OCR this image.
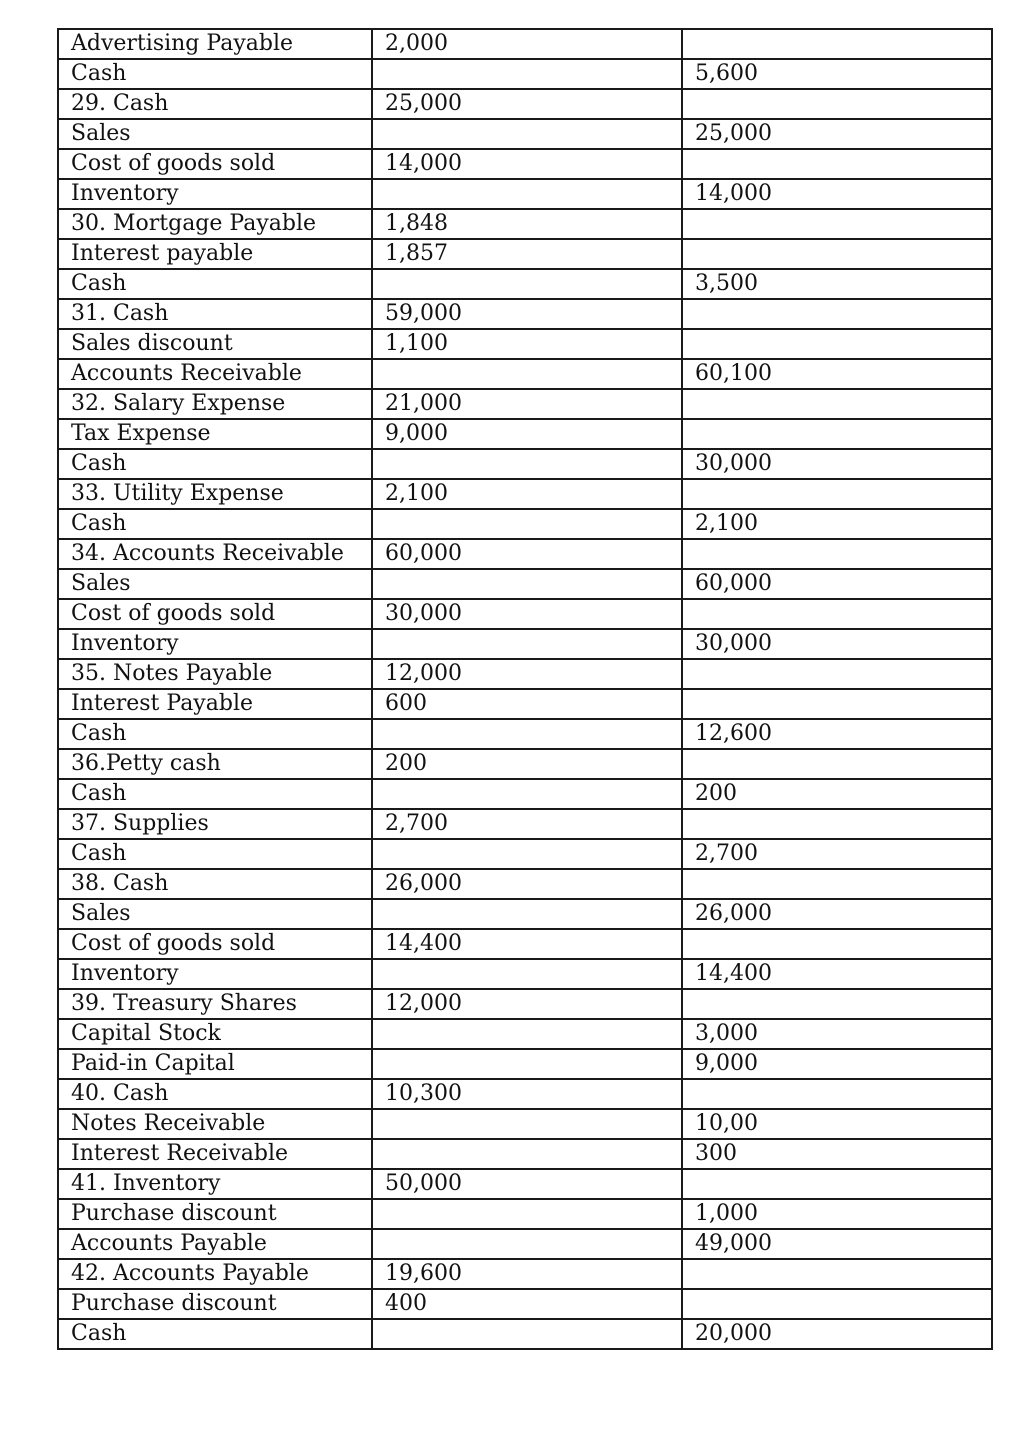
Advertising Payable	2,000	
Cash		5,600
29. Cash	25,000	
Sales		25,000
Cost of goods sold	14,000	
Inventory		14,000
30. Mortgage Payable	1,848	
Interest payable	1,857	
Cash		3,500
31. Cash	59,000	
Sales discount	1,100	
Accounts Receivable		60,100
32. Salary Expense	21,000	
Tax Expense	9,000	
Cash		30,000
33. Utility Expense	2,100	
Cash		2,100
34. Accounts Receivable	60,000	
Sales		60,000
Cost of goods sold	30,000	
Inventory		30,000
35. Notes Payable	12,000	
Interest Payable	600	
Cash		12,600
36.Petty cash	200	
Cash		200
37. Supplies	2,700	
Cash		2,700
38. Cash	26,000	
Sales		26,000
Cost of goods sold	14,400	
Inventory		14,400
39. Treasury Shares	12,000	
Capital Stock		3,000
Paid-in Capital		9,000
40. Cash	10,300	
Notes Receivable		10,00
Interest Receivable		300
41. Inventory	50,000	
Purchase discount		1,000
Accounts Payable		49,000
42. Accounts Payable	19,600	
Purchase discount	400	
Cash		20,000
